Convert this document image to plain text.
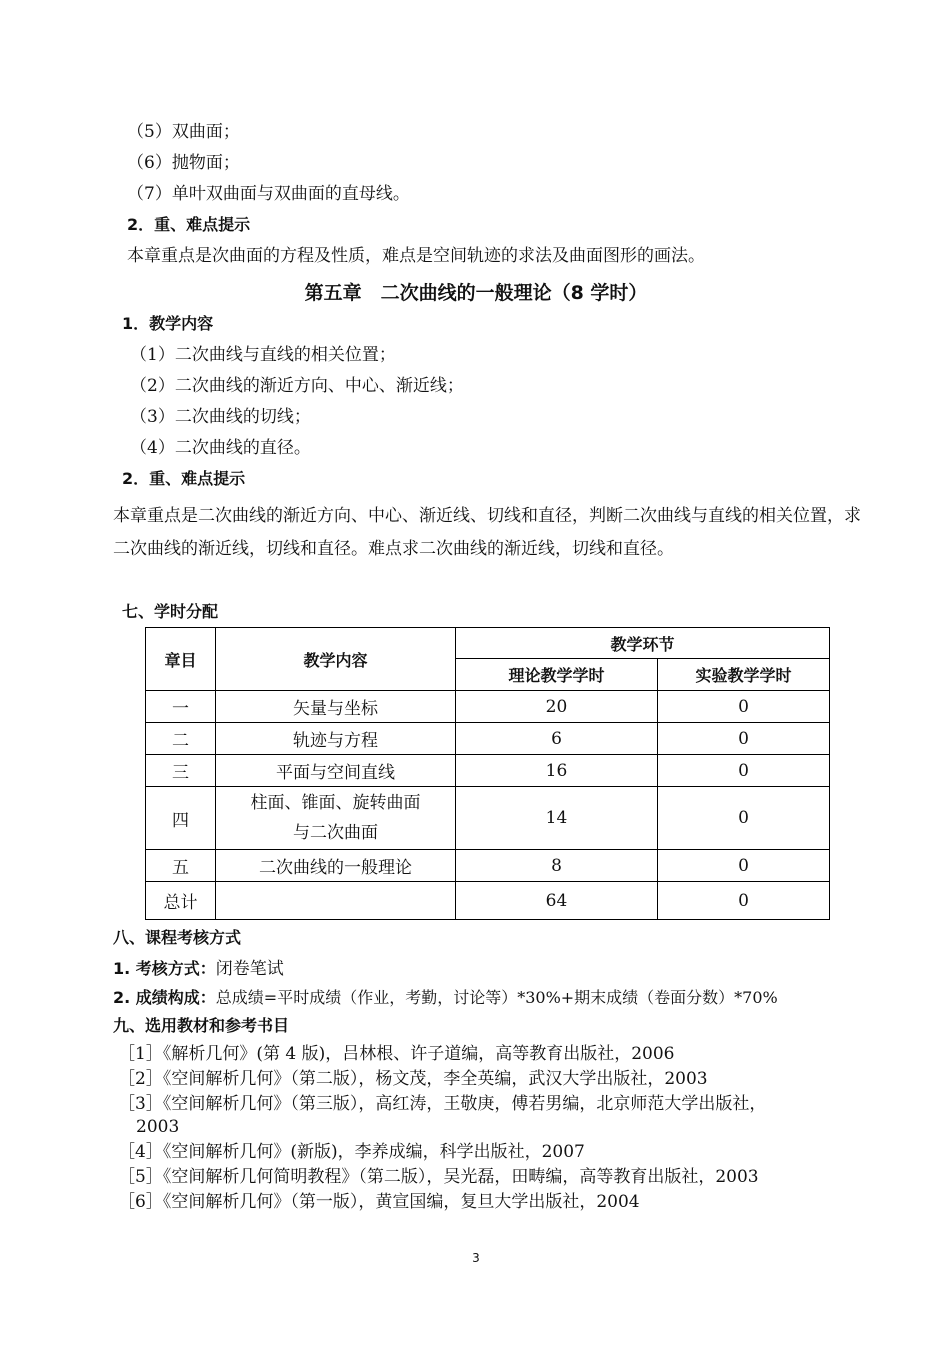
（5）双曲面；
（6）抛物面；
（7）单叶双曲面与双曲面的直母线。
2．重、难点提示
本章重点是次曲面的方程及性质，难点是空间轨迹的求法及曲面图形的画法。
第五章　二次曲线的一般理论（8 学时）
1．教学内容
（1）二次曲线与直线的相关位置；
（2）二次曲线的渐近方向、中心、渐近线；
（3）二次曲线的切线；
（4）二次曲线的直径。
2．重、难点提示
本章重点是二次曲线的渐近方向、中心、渐近线、切线和直径，判断二次曲线与直线的相关位置，求二次曲线的渐近线，切线和直径。难点求二次曲线的渐近线，切线和直径。
七、学时分配
章目	教学内容	教学环节	
		理论教学学时	实验教学学时
一	矢量与坐标	20	0
二	轨迹与方程	6	0
三	平面与空间直线	16	0
四	柱面、锥面、旋转曲面
与二次曲面	14	0
五	二次曲线的一般理论	8	0
总计		64	0
八、课程考核方式
1. 考核方式：闭卷笔试
2. 成绩构成：总成绩=平时成绩（作业，考勤，讨论等）*30%+期末成绩（卷面分数）*70%
九、选用教材和参考书目
［1］《解析几何》(第 4 版)，吕林根、许子道编，高等教育出版社，2006
［2］《空间解析几何》（第二版），杨文茂，李全英编，武汉大学出版社，2003
［3］《空间解析几何》（第三版），高红涛，王敬庚，傅若男编，北京师范大学出版社，
2003
［4］《空间解析几何》(新版)，李养成编，科学出版社，2007
［5］《空间解析几何简明教程》（第二版），吴光磊，田畴编，高等教育出版社，2003
［6］《空间解析几何》（第一版），黄宣国编，复旦大学出版社，2004
3
